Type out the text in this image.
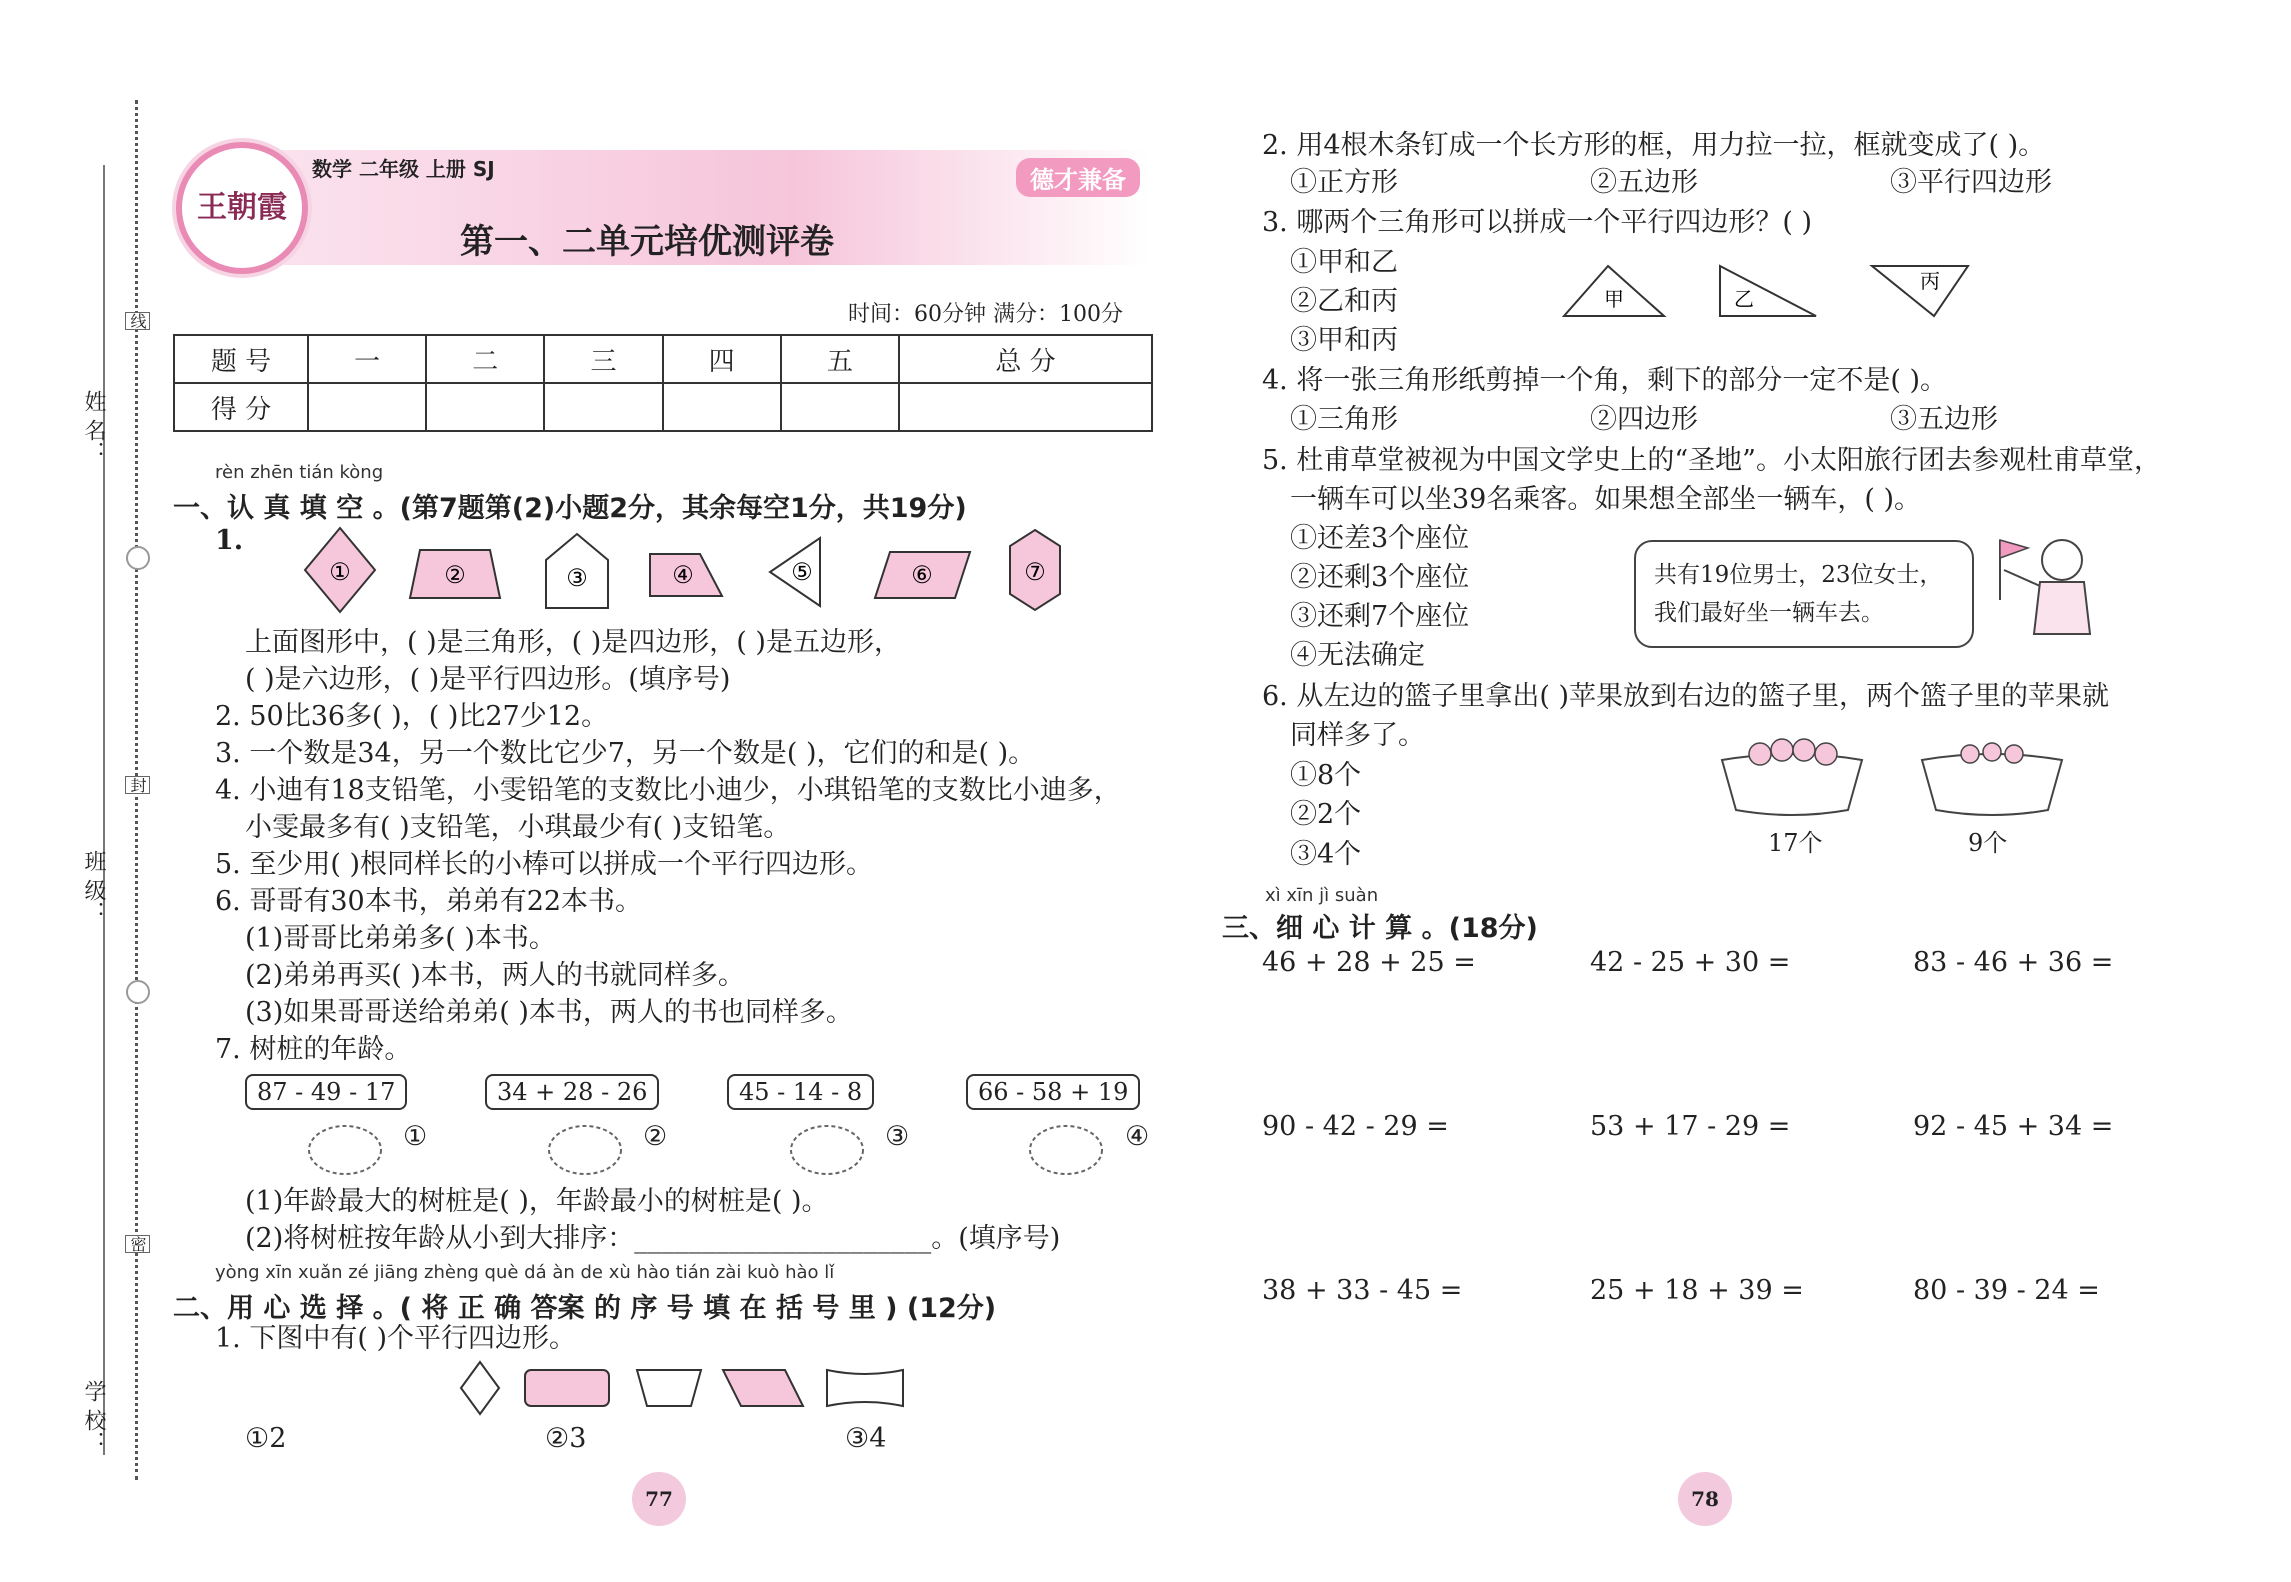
姓 名：
班 级：
学 校：
线
封
密
王朝霞
数学 二年级 上册 SJ	德才兼备
第一、二单元培优测评卷
时间：60分钟 满分：100分
题 号	一	二	三	四	五	总 分
得 分						
rèn zhēn tián kòng
一、认 真 填 空 。(第7题第(2)小题2分，其余每空1分，共19分)
1.
①	②	③	④	⑤	⑥	⑦
上面图形中，( )是三角形，( )是四边形，( )是五边形，
( )是六边形，( )是平行四边形。(填序号)
2. 50比36多( )，( )比27少12。
3. 一个数是34，另一个数比它少7，另一个数是( )，它们的和是( )。
4. 小迪有18支铅笔，小雯铅笔的支数比小迪少，小琪铅笔的支数比小迪多，
小雯最多有( )支铅笔，小琪最少有( )支铅笔。
5. 至少用( )根同样长的小棒可以拼成一个平行四边形。
6. 哥哥有30本书，弟弟有22本书。
(1)哥哥比弟弟多( )本书。
(2)弟弟再买( )本书，两人的书就同样多。
(3)如果哥哥送给弟弟( )本书，两人的书也同样多。
7. 树桩的年龄。
87 - 49 - 17	34 + 28 - 26	45 - 14 - 8	66 - 58 + 19
①	②	③	④
(1)年龄最大的树桩是( )，年龄最小的树桩是( )。
(2)将树桩按年龄从小到大排序：______________________。(填序号)
yòng xīn xuǎn zé jiāng zhèng què dá àn de xù hào tián zài kuò hào lǐ
二、用 心 选 择 。( 将 正 确 答案 的 序 号 填 在 括 号 里 ) (12分)
1. 下图中有( )个平行四边形。
①2	②3	③4
2. 用4根木条钉成一个长方形的框，用力拉一拉，框就变成了( )。
①正方形	②五边形	③平行四边形
3. 哪两个三角形可以拼成一个平行四边形？( )
①甲和乙
②乙和丙
③甲和丙
甲	乙
丙
4. 将一张三角形纸剪掉一个角，剩下的部分一定不是( )。
①三角形	②四边形	③五边形
5. 杜甫草堂被视为中国文学史上的“圣地”。小太阳旅行团去参观杜甫草堂，
一辆车可以坐39名乘客。如果想全部坐一辆车，( )。
①还差3个座位
②还剩3个座位
③还剩7个座位
④无法确定
共有19位男士，23位女士，
我们最好坐一辆车去。
6. 从左边的篮子里拿出( )苹果放到右边的篮子里，两个篮子里的苹果就
同样多了。
①8个
②2个
③4个	17个	9个
xì xīn jì suàn
三、细 心 计 算 。(18分)
46 + 28 + 25 =	42 - 25 + 30 =	83 - 46 + 36 =
90 - 42 - 29 =	53 + 17 - 29 =	92 - 45 + 34 =
38 + 33 - 45 =	25 + 18 + 39 =	80 - 39 - 24 =
77	78
